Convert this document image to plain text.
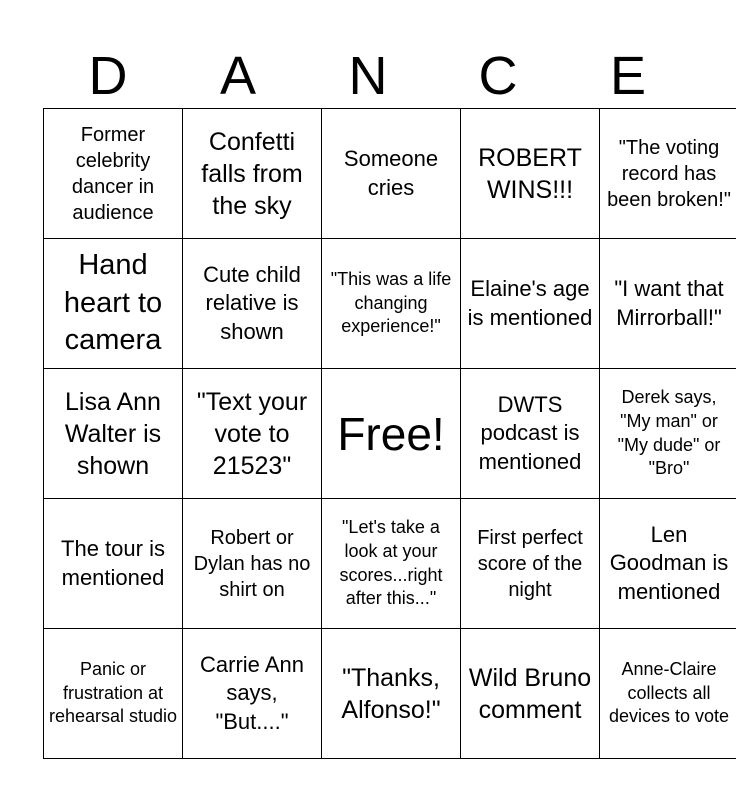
D	A	N	C	E
Former celebrity dancer in audience	Confetti falls from the sky	Someone cries	ROBERT WINS!!!	"The voting record has been broken!"
Hand heart to camera	Cute child relative is shown	"This was a life changing experience!"	Elaine's age is mentioned	"I want that Mirrorball!"
Lisa Ann Walter is shown	"Text your vote to 21523"	Free!	DWTS podcast is mentioned	Derek says, "My man" or "My dude" or "Bro"
The tour is mentioned	Robert or Dylan has no shirt on	"Let's take a look at your scores...right after this..."	First perfect score of the night	Len Goodman is mentioned
Panic or frustration at rehearsal studio	Carrie Ann says, "But...."	"Thanks, Alfonso!"	Wild Bruno comment	Anne-Claire collects all devices to vote
